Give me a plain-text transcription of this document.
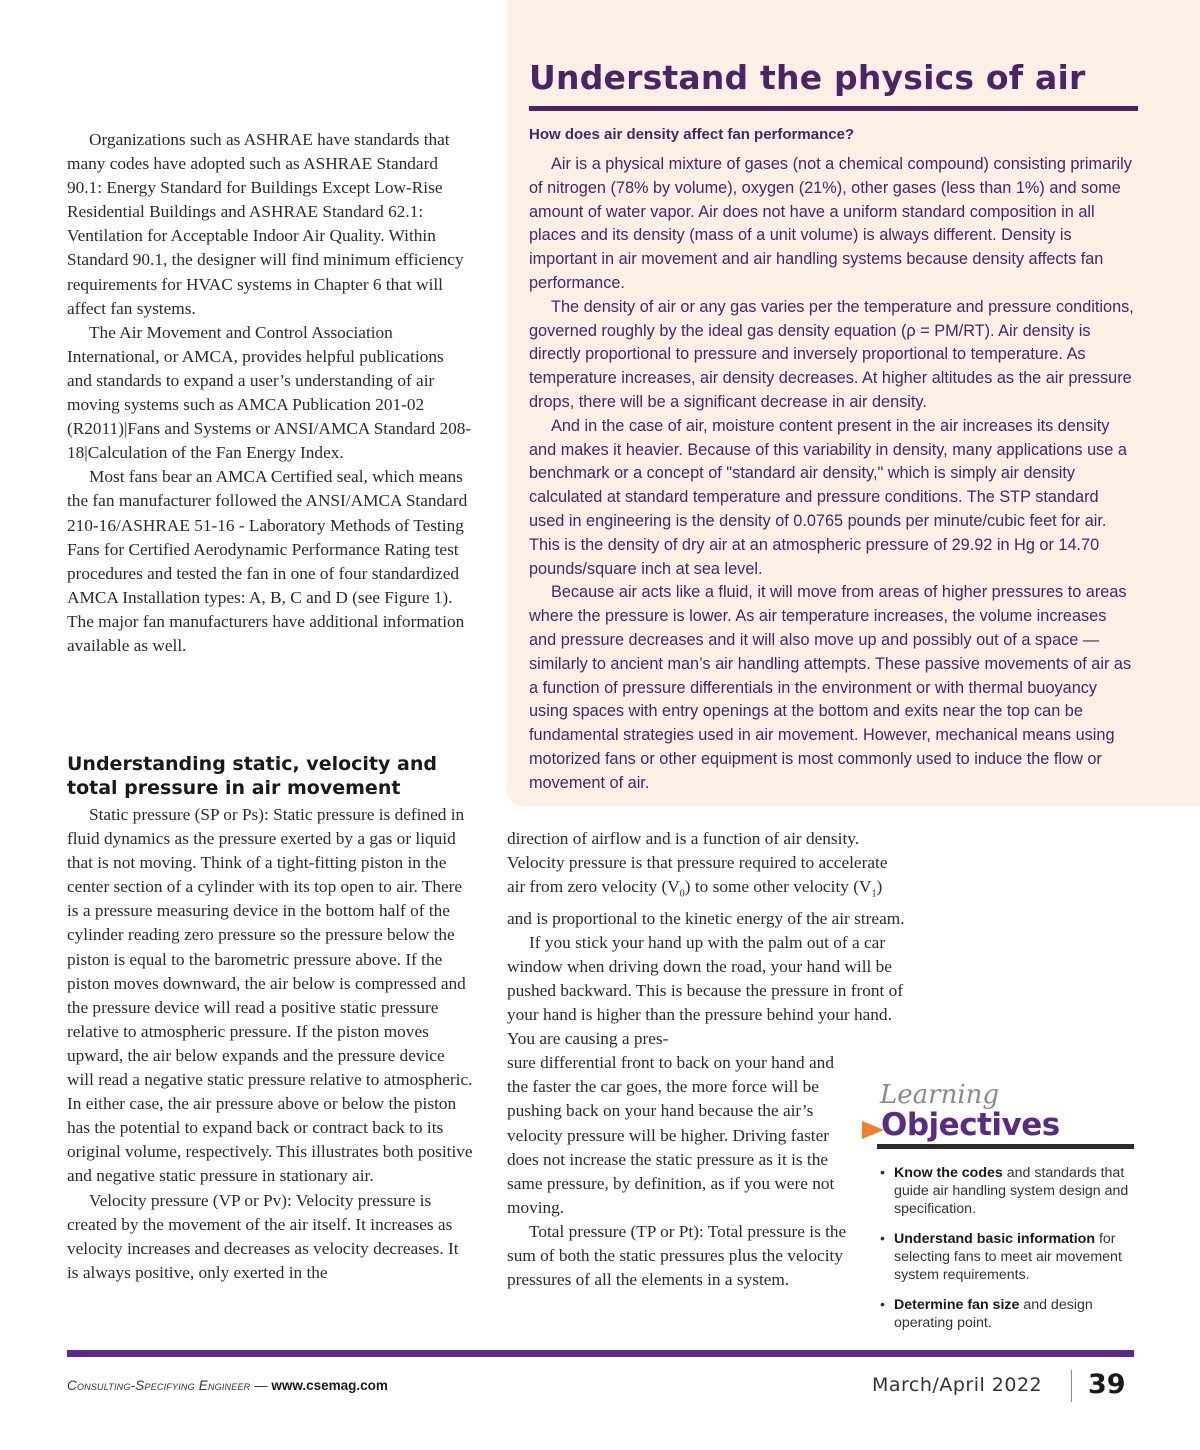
Understand the physics of air
How does air density affect fan performance?

Air is a physical mixture of gases (not a chemical compound) consisting primarily of nitrogen (78% by volume), oxygen (21%), other gases (less than 1%) and some amount of water vapor. Air does not have a uniform standard composition in all places and its density (mass of a unit volume) is always different. Density is important in air movement and air handling systems because density affects fan performance.

The density of air or any gas varies per the temperature and pressure conditions, governed roughly by the ideal gas density equation (ρ = PM/RT). Air density is directly proportional to pressure and inversely proportional to temperature. As temperature increases, air density decreases. At higher altitudes as the air pressure drops, there will be a significant decrease in air density.

And in the case of air, moisture content present in the air increases its density and makes it heavier. Because of this variability in density, many applications use a benchmark or a concept of "standard air density," which is simply air density calculated at standard temperature and pressure conditions. The STP standard used in engineering is the density of 0.0765 pounds per minute/cubic feet for air. This is the density of dry air at an atmospheric pressure of 29.92 in Hg or 14.70 pounds/square inch at sea level.

Because air acts like a fluid, it will move from areas of higher pressures to areas where the pressure is lower. As air temperature increases, the volume increases and pressure decreases and it will also move up and possibly out of a space — similarly to ancient man’s air handling attempts. These passive movements of air as a function of pressure differentials in the environment or with thermal buoyancy using spaces with entry openings at the bottom and exits near the top can be fundamental strategies used in air movement. However, mechanical means using motorized fans or other equipment is most commonly used to induce the flow or movement of air.

Organizations such as ASHRAE have standards that many codes have adopted such as ASHRAE Standard 90.1: Energy Standard for Buildings Except Low-Rise Residential Buildings and ASHRAE Standard 62.1: Ventilation for Acceptable Indoor Air Quality. Within Standard 90.1, the designer will find minimum efficiency requirements for HVAC systems in Chapter 6 that will affect fan systems.

The Air Movement and Control Association International, or AMCA, provides helpful publications and standards to expand a user’s understanding of air moving systems such as AMCA Publication 201-02 (R2011)|Fans and Systems or ANSI/AMCA Standard 208-18|Calculation of the Fan Energy Index.

Most fans bear an AMCA Certified seal, which means the fan manufacturer followed the ANSI/AMCA Standard 210-16/ASHRAE 51-16 - Laboratory Methods of Testing Fans for Certified Aerodynamic Performance Rating test procedures and tested the fan in one of four standardized AMCA Installation types: A, B, C and D (see Figure 1). The major fan manufacturers have additional information available as well.

Understanding static, velocity and total pressure in air movement

Static pressure (SP or Ps): Static pressure is defined in fluid dynamics as the pressure exerted by a gas or liquid that is not moving. Think of a tight-fitting piston in the center section of a cylinder with its top open to air. There is a pressure measuring device in the bottom half of the cylinder reading zero pressure so the pressure below the piston is equal to the barometric pressure above. If the piston moves downward, the air below is compressed and the pressure device will read a positive static pressure relative to atmospheric pressure. If the piston moves upward, the air below expands and the pressure device will read a negative static pressure relative to atmospheric. In either case, the air pressure above or below the piston has the potential to expand back or contract back to its original volume, respectively. This illustrates both positive and negative static pressure in stationary air.

Velocity pressure (VP or Pv): Velocity pressure is created by the movement of the air itself. It increases as velocity increases and decreases as velocity decreases. It is always positive, only exerted in the

direction of airflow and is a function of air density. Velocity pressure is that pressure required to accelerate air from zero velocity $(V_0)$ to some other velocity $(V_1)$ and is proportional to the kinetic energy of the air stream.

If you stick your hand up with the palm out of a car window when driving down the road, your hand will be pushed backward. This is because the pressure in front of your hand is higher than the pressure behind your hand. You are causing a pres-

sure differential front to back on your hand and the faster the car goes, the more force will be pushing back on your hand because the air’s velocity pressure will be higher. Driving faster does not increase the static pressure as it is the same pressure, by definition, as if you were not moving.

Total pressure (TP or Pt): Total pressure is the sum of both the static pressures plus the velocity pressures of all the elements in a system.

Learning
Objectives
• Know the codes and standards that guide air handling system design and specification.
• Understand basic information for selecting fans to meet air movement system requirements.
• Determine fan size and design operating point.
Consulting-Specifying Engineer — www.csemag.com	March/April 2022 39
